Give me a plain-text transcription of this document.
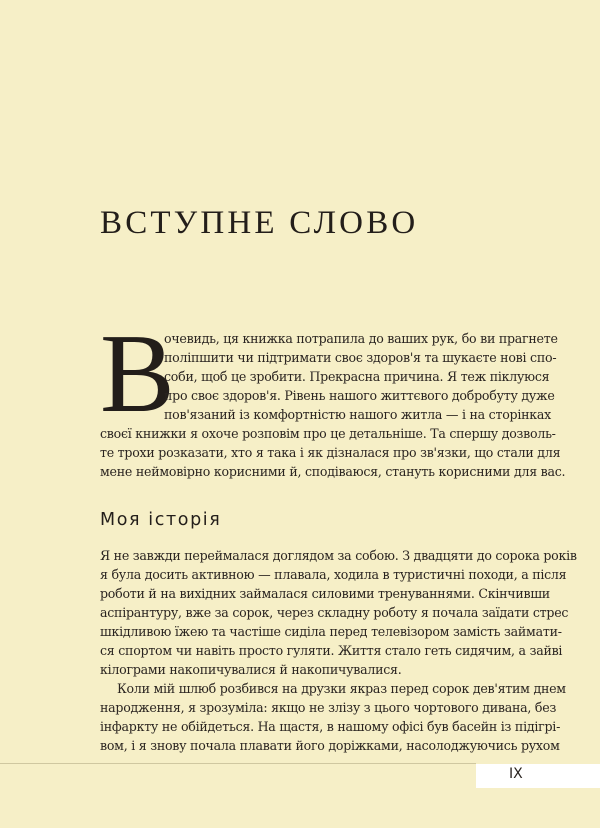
ВСТУПНЕ СЛОВО
В
очевидь, ця книжка потрапила до ваших рук, бо ви прагнете
поліпшити чи підтримати своє здоров'я та шукаєте нові спо-
соби, щоб це зробити. Прекрасна причина. Я теж піклуюся
про своє здоров'я. Рівень нашого життєвого добробуту дуже
пов'язаний із комфортністю нашого житла — і на сторінках
своєї книжки я охоче розповім про це детальніше. Та спершу дозволь-
те трохи розказати, хто я така і як дізналася про зв'язки, що стали для
мене неймовірно корисними й, сподіваюся, стануть корисними для вас.
Моя історія
Я не завжди переймалася доглядом за собою. З двадцяти до сорока років
я була досить активною — плавала, ходила в туристичні походи, а після
роботи й на вихідних займалася силовими тренуваннями. Скінчивши
аспірантуру, вже за сорок, через складну роботу я почала заїдати стрес
шкідливою їжею та частіше сиділа перед телевізором замість займати-
ся спортом чи навіть просто гуляти. Життя стало геть сидячим, а зайві
кілограми накопичувалися й накопичувалися.
Коли мій шлюб розбився на друзки якраз перед сорок дев'ятим днем
народження, я зрозуміла: якщо не злізу з цього чортового дивана, без
інфаркту не обійдеться. На щастя, в нашому офісі був басейн із підігрі-
вом, і я знову почала плавати його доріжками, насолоджуючись рухом
IX
